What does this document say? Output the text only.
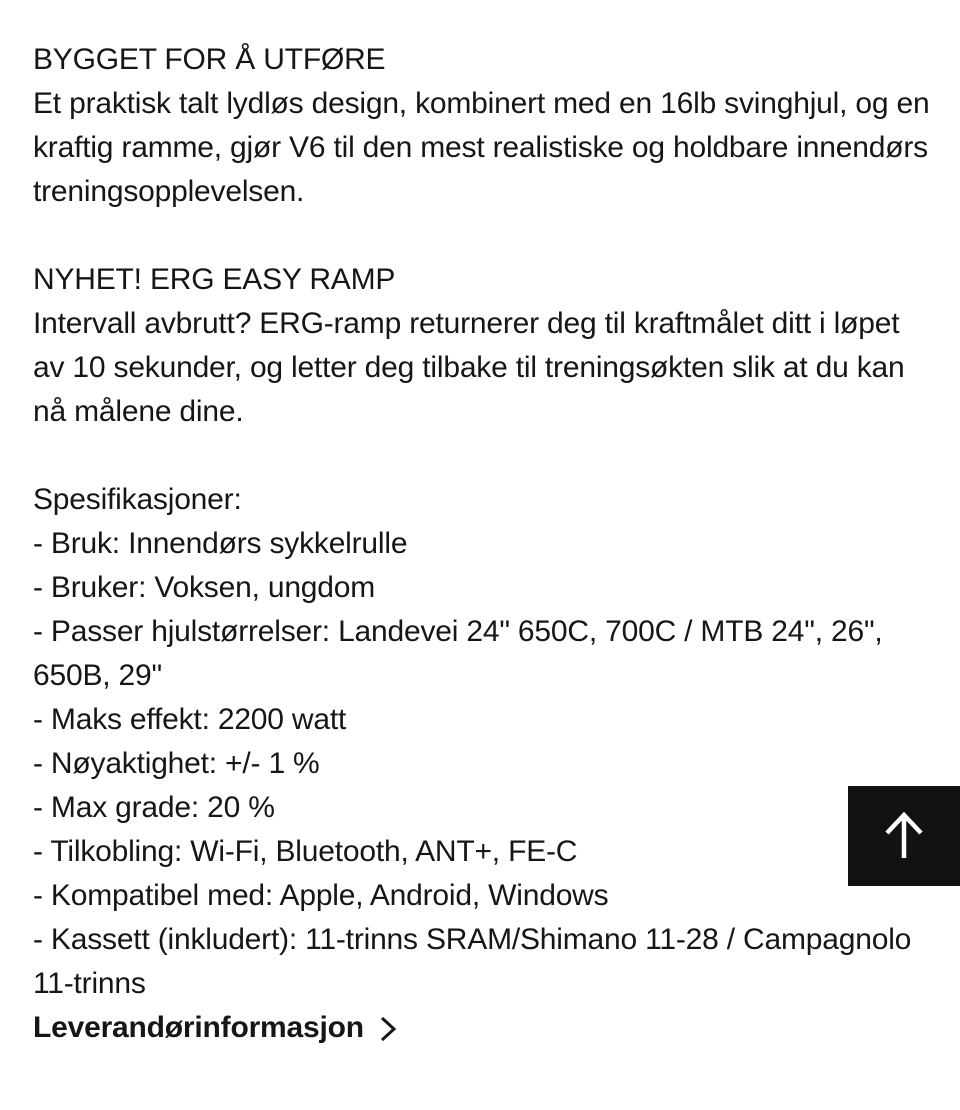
BYGGET FOR Å UTFØRE

Et praktisk talt lydløs design, kombinert med en 16lb svinghjul, og en kraftig ramme, gjør V6 til den mest realistiske og holdbare innendørs treningsopplevelsen.

NYHET! ERG EASY RAMP

Intervall avbrutt? ERG-ramp returnerer deg til kraftmålet ditt i løpet av 10 sekunder, og letter deg tilbake til treningsøkten slik at du kan nå målene dine.

Spesifikasjoner:

- Bruk: Innendørs sykkelrulle
- Bruker: Voksen, ungdom
- Passer hjulstørrelser: Landevei 24" 650C, 700C / MTB 24", 26", 650B, 29"
- Maks effekt: 2200 watt
- Nøyaktighet: +/- 1 %
- Max grade: 20 %
- Tilkobling: Wi-Fi, Bluetooth, ANT+, FE-C
- Kompatibel med: Apple, Android, Windows
- Kassett (inkludert): 11-trinns SRAM/Shimano 11-28 / Campagnolo 11-trinns
Leverandørinformasjon
